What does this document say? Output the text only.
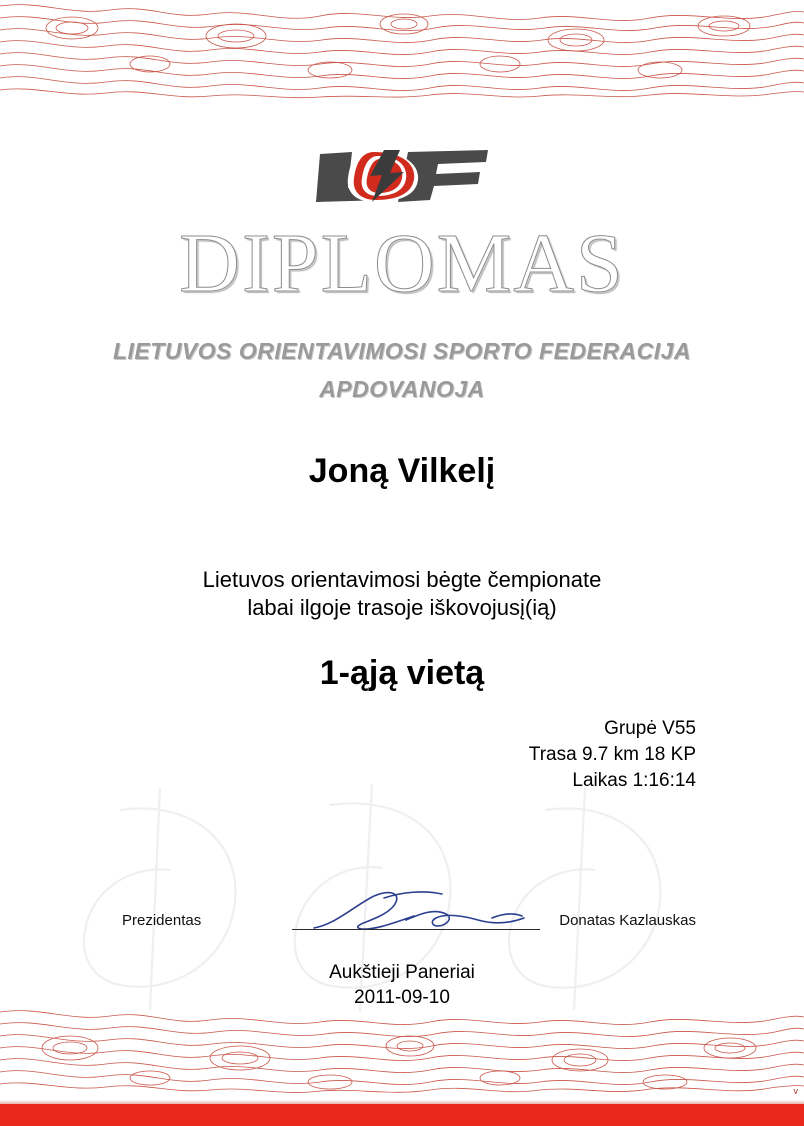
DIPLOMAS
LIETUVOS ORIENTAVIMOSI SPORTO FEDERACIJA
APDOVANOJA
Joną Vilkelį
Lietuvos orientavimosi bėgte čempionate
labai ilgoje trasoje iškovojusį(ią)
1-ąją vietą
Grupė V55
Trasa 9.7 km 18 KP
Laikas 1:16:14
Prezidentas	Donatas Kazlauskas
Aukštieji Paneriai
2011-09-10
v
